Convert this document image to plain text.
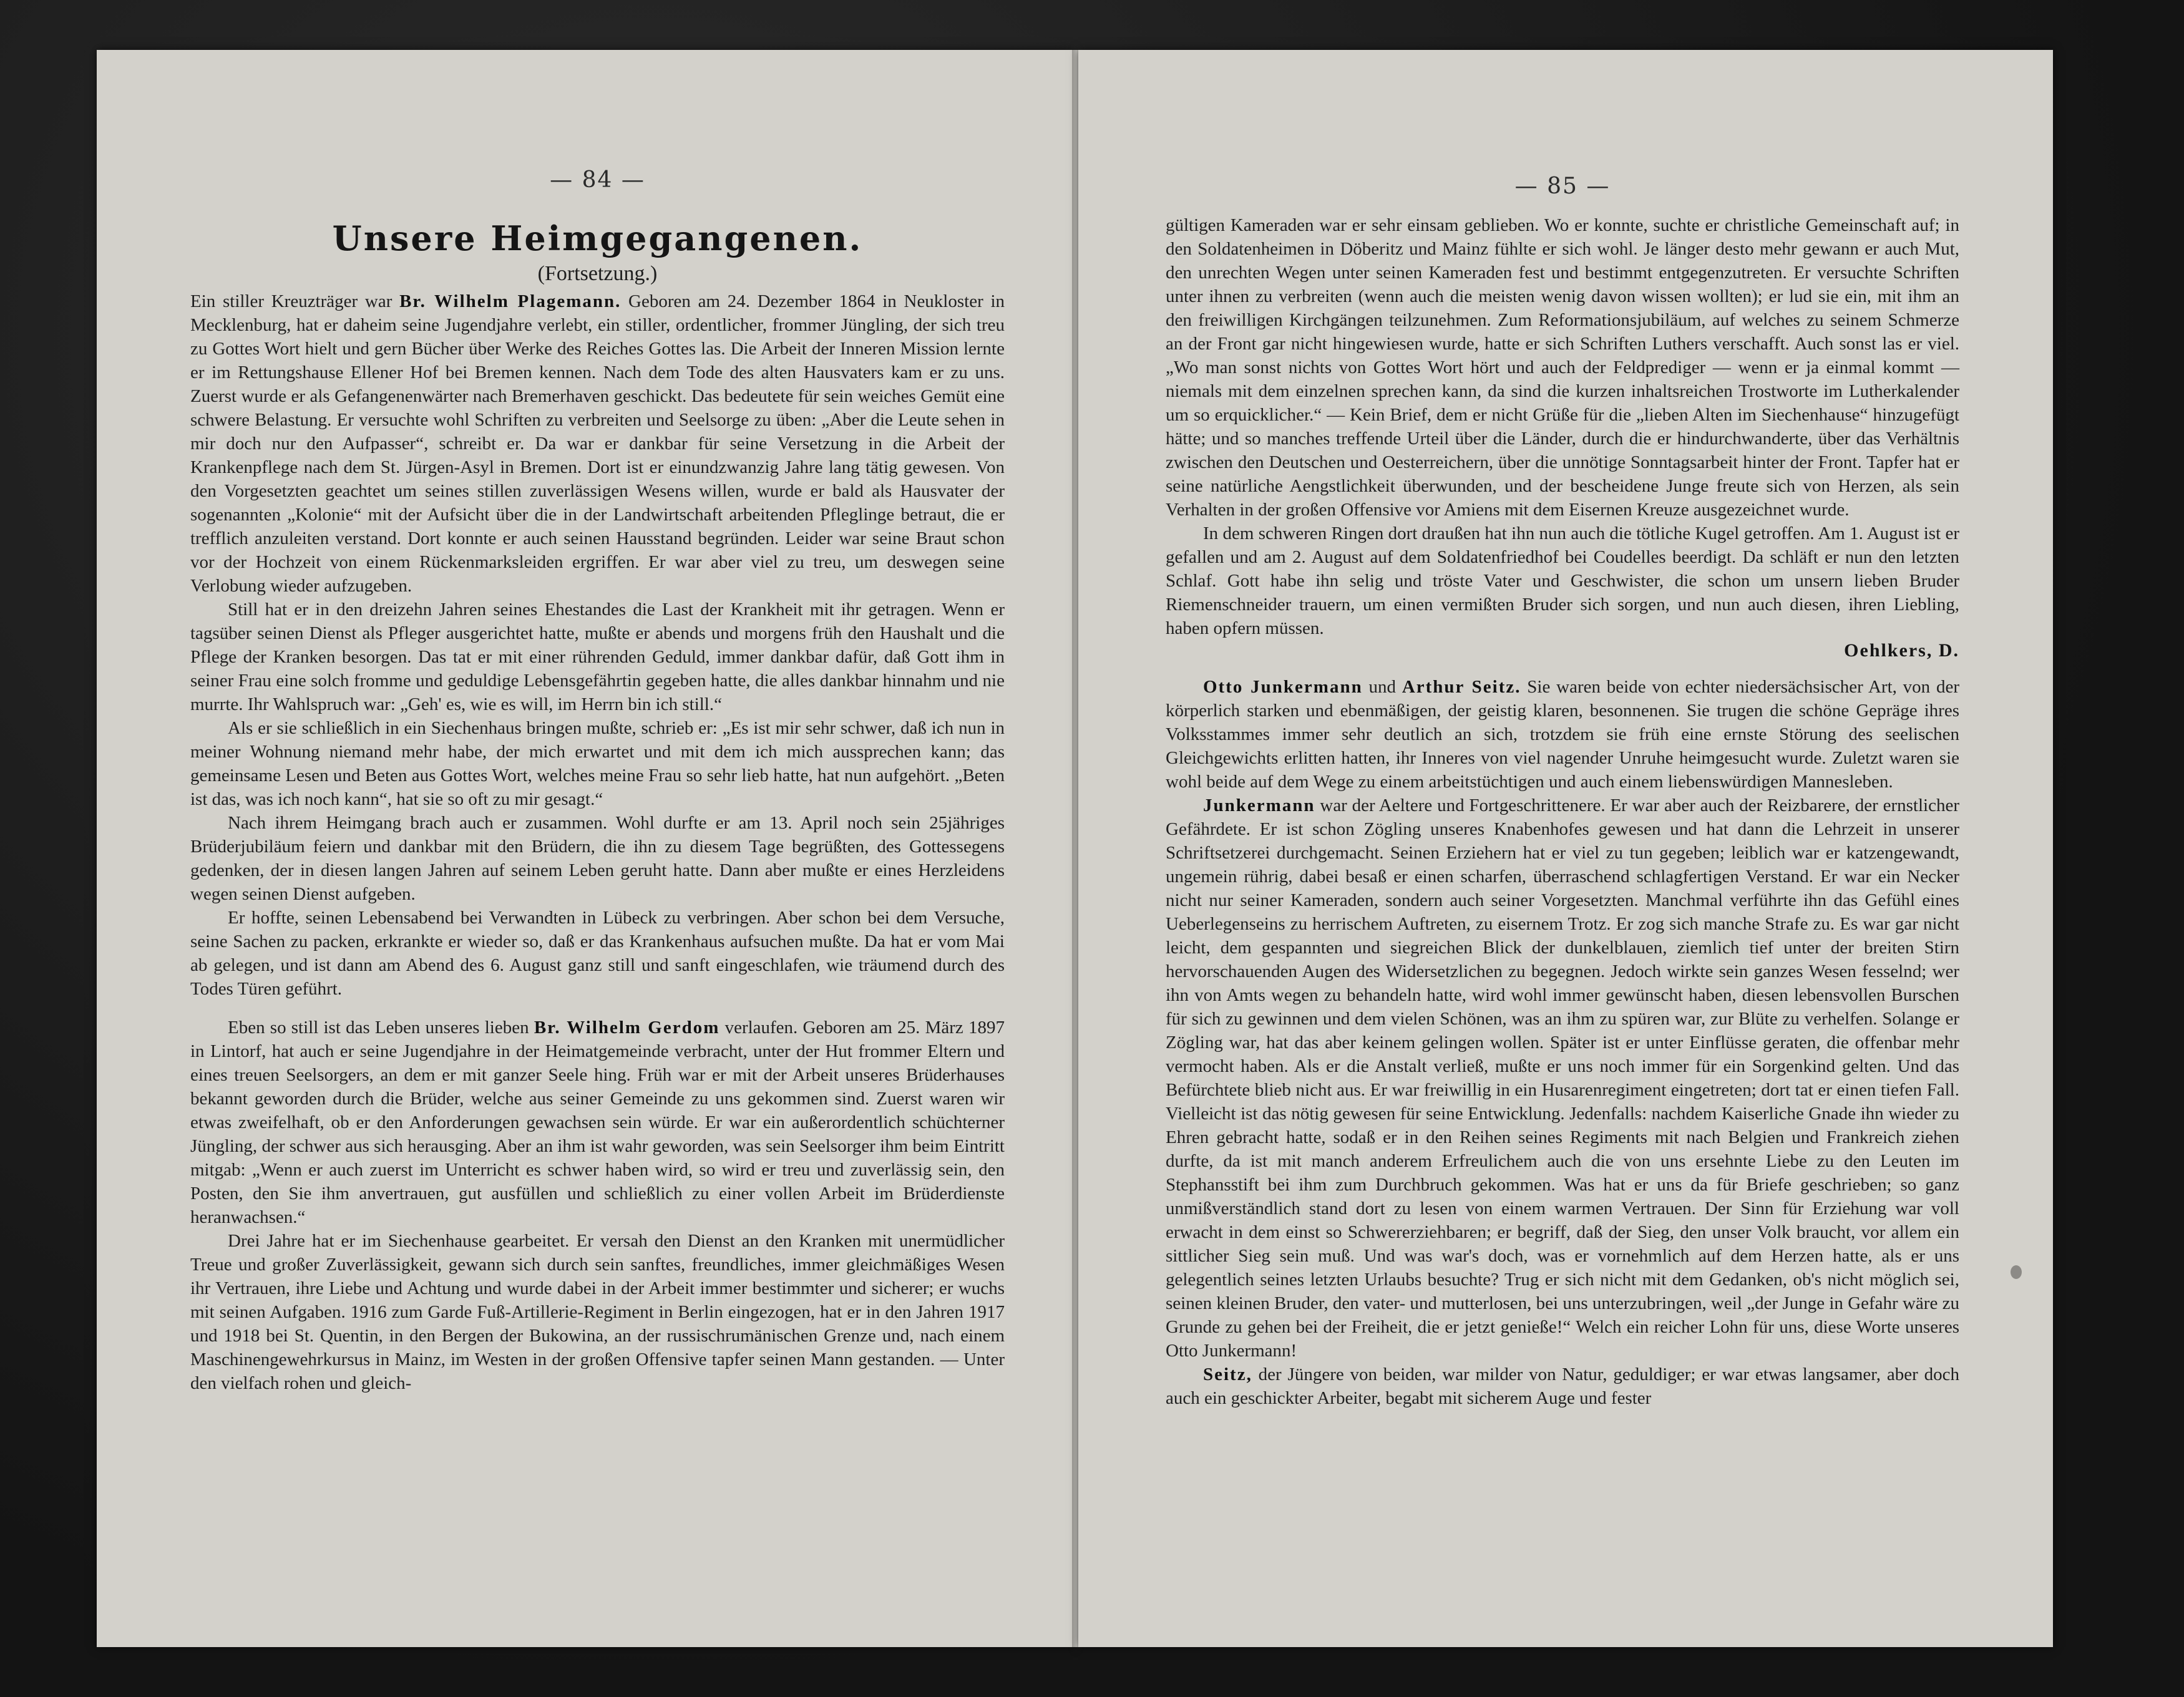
— 84 —
Unsere Heimgegangenen.
(Fortsetzung.)

Ein stiller Kreuzträger war Br. Wilhelm Plagemann. Geboren am 24. Dezember 1864 in Neukloster in Mecklenburg, hat er daheim seine Jugendjahre verlebt, ein stiller, ordentlicher, frommer Jüngling, der sich treu zu Gottes Wort hielt und gern Bücher über Werke des Reiches Gottes las. Die Arbeit der Inneren Mission lernte er im Rettungshause Ellener Hof bei Bremen kennen. Nach dem Tode des alten Hausvaters kam er zu uns. Zuerst wurde er als Gefangenenwärter nach Bremerhaven geschickt. Das bedeutete für sein weiches Gemüt eine schwere Belastung. Er versuchte wohl Schriften zu verbreiten und Seelsorge zu üben: „Aber die Leute sehen in mir doch nur den Aufpasser“, schreibt er. Da war er dankbar für seine Versetzung in die Arbeit der Krankenpflege nach dem St. Jürgen-Asyl in Bremen. Dort ist er einundzwanzig Jahre lang tätig gewesen. Von den Vorgesetzten geachtet um seines stillen zuverlässigen Wesens willen, wurde er bald als Hausvater der sogenannten „Kolonie“ mit der Aufsicht über die in der Landwirtschaft arbeitenden Pfleglinge betraut, die er trefflich anzuleiten verstand. Dort konnte er auch seinen Hausstand begründen. Leider war seine Braut schon vor der Hochzeit von einem Rückenmarksleiden ergriffen. Er war aber viel zu treu, um deswegen seine Verlobung wieder aufzugeben.

Still hat er in den dreizehn Jahren seines Ehestandes die Last der Krankheit mit ihr getragen. Wenn er tagsüber seinen Dienst als Pfleger ausgerichtet hatte, mußte er abends und morgens früh den Haushalt und die Pflege der Kranken besorgen. Das tat er mit einer rührenden Geduld, immer dankbar dafür, daß Gott ihm in seiner Frau eine solch fromme und geduldige Lebensgefährtin gegeben hatte, die alles dankbar hinnahm und nie murrte. Ihr Wahlspruch war: „Geh' es, wie es will, im Herrn bin ich still.“

Als er sie schließlich in ein Siechenhaus bringen mußte, schrieb er: „Es ist mir sehr schwer, daß ich nun in meiner Wohnung niemand mehr habe, der mich erwartet und mit dem ich mich aussprechen kann; das gemeinsame Lesen und Beten aus Gottes Wort, welches meine Frau so sehr lieb hatte, hat nun aufgehört. „Beten ist das, was ich noch kann“, hat sie so oft zu mir gesagt.“

Nach ihrem Heimgang brach auch er zusammen. Wohl durfte er am 13. April noch sein 25jähriges Brüderjubiläum feiern und dankbar mit den Brüdern, die ihn zu diesem Tage begrüßten, des Gottessegens gedenken, der in diesen langen Jahren auf seinem Leben geruht hatte. Dann aber mußte er eines Herzleidens wegen seinen Dienst aufgeben.

Er hoffte, seinen Lebensabend bei Verwandten in Lübeck zu verbringen. Aber schon bei dem Versuche, seine Sachen zu packen, erkrankte er wieder so, daß er das Krankenhaus aufsuchen mußte. Da hat er vom Mai ab gelegen, und ist dann am Abend des 6. August ganz still und sanft eingeschlafen, wie träumend durch des Todes Türen geführt.

Eben so still ist das Leben unseres lieben Br. Wilhelm Gerdom verlaufen. Geboren am 25. März 1897 in Lintorf, hat auch er seine Jugendjahre in der Heimatgemeinde verbracht, unter der Hut frommer Eltern und eines treuen Seelsorgers, an dem er mit ganzer Seele hing. Früh war er mit der Arbeit unseres Brüderhauses bekannt geworden durch die Brüder, welche aus seiner Gemeinde zu uns gekommen sind. Zuerst waren wir etwas zweifelhaft, ob er den Anforderungen gewachsen sein würde. Er war ein außerordentlich schüchterner Jüngling, der schwer aus sich herausging. Aber an ihm ist wahr geworden, was sein Seelsorger ihm beim Eintritt mitgab: „Wenn er auch zuerst im Unterricht es schwer haben wird, so wird er treu und zuverlässig sein, den Posten, den Sie ihm anvertrauen, gut ausfüllen und schließlich zu einer vollen Arbeit im Brüderdienste heranwachsen.“

Drei Jahre hat er im Siechenhause gearbeitet. Er versah den Dienst an den Kranken mit unermüdlicher Treue und großer Zuverlässigkeit, gewann sich durch sein sanftes, freundliches, immer gleichmäßiges Wesen ihr Vertrauen, ihre Liebe und Achtung und wurde dabei in der Arbeit immer bestimmter und sicherer; er wuchs mit seinen Aufgaben. 1916 zum Garde Fuß-Artillerie-Regiment in Berlin eingezogen, hat er in den Jahren 1917 und 1918 bei St. Quentin, in den Bergen der Bukowina, an der russischrumänischen Grenze und, nach einem Maschinengewehrkursus in Mainz, im Westen in der großen Offensive tapfer seinen Mann gestanden. — Unter den vielfach rohen und gleich-

— 85 —

gültigen Kameraden war er sehr einsam geblieben. Wo er konnte, suchte er christliche Gemeinschaft auf; in den Soldatenheimen in Döberitz und Mainz fühlte er sich wohl. Je länger desto mehr gewann er auch Mut, den unrechten Wegen unter seinen Kameraden fest und bestimmt entgegenzutreten. Er versuchte Schriften unter ihnen zu verbreiten (wenn auch die meisten wenig davon wissen wollten); er lud sie ein, mit ihm an den freiwilligen Kirchgängen teilzunehmen. Zum Reformationsjubiläum, auf welches zu seinem Schmerze an der Front gar nicht hingewiesen wurde, hatte er sich Schriften Luthers verschafft. Auch sonst las er viel. „Wo man sonst nichts von Gottes Wort hört und auch der Feldprediger — wenn er ja einmal kommt — niemals mit dem einzelnen sprechen kann, da sind die kurzen inhaltsreichen Trostworte im Lutherkalender um so erquicklicher.“ — Kein Brief, dem er nicht Grüße für die „lieben Alten im Siechenhause“ hinzugefügt hätte; und so manches treffende Urteil über die Länder, durch die er hindurchwanderte, über das Verhältnis zwischen den Deutschen und Oesterreichern, über die unnötige Sonntagsarbeit hinter der Front. Tapfer hat er seine natürliche Aengstlichkeit überwunden, und der bescheidene Junge freute sich von Herzen, als sein Verhalten in der großen Offensive vor Amiens mit dem Eisernen Kreuze ausgezeichnet wurde.

In dem schweren Ringen dort draußen hat ihn nun auch die tötliche Kugel getroffen. Am 1. August ist er gefallen und am 2. August auf dem Soldatenfriedhof bei Coudelles beerdigt. Da schläft er nun den letzten Schlaf. Gott habe ihn selig und tröste Vater und Geschwister, die schon um unsern lieben Bruder Riemenschneider trauern, um einen vermißten Bruder sich sorgen, und nun auch diesen, ihren Liebling, haben opfern müssen.

Oehlkers, D.

Otto Junkermann und Arthur Seitz. Sie waren beide von echter niedersächsischer Art, von der körperlich starken und ebenmäßigen, der geistig klaren, besonnenen. Sie trugen die schöne Gepräge ihres Volksstammes immer sehr deutlich an sich, trotzdem sie früh eine ernste Störung des seelischen Gleichgewichts erlitten hatten, ihr Inneres von viel nagender Unruhe heimgesucht wurde. Zuletzt waren sie wohl beide auf dem Wege zu einem arbeitstüchtigen und auch einem liebenswürdigen Mannesleben.

Junkermann war der Aeltere und Fortgeschrittenere. Er war aber auch der Reizbarere, der ernstlicher Gefährdete. Er ist schon Zögling unseres Knabenhofes gewesen und hat dann die Lehrzeit in unserer Schriftsetzerei durchgemacht. Seinen Erziehern hat er viel zu tun gegeben; leiblich war er katzengewandt, ungemein rührig, dabei besaß er einen scharfen, überraschend schlagfertigen Verstand. Er war ein Necker nicht nur seiner Kameraden, sondern auch seiner Vorgesetzten. Manchmal verführte ihn das Gefühl eines Ueberlegenseins zu herrischem Auftreten, zu eisernem Trotz. Er zog sich manche Strafe zu. Es war gar nicht leicht, dem gespannten und siegreichen Blick der dunkelblauen, ziemlich tief unter der breiten Stirn hervorschauenden Augen des Widersetzlichen zu begegnen. Jedoch wirkte sein ganzes Wesen fesselnd; wer ihn von Amts wegen zu behandeln hatte, wird wohl immer gewünscht haben, diesen lebensvollen Burschen für sich zu gewinnen und dem vielen Schönen, was an ihm zu spüren war, zur Blüte zu verhelfen. Solange er Zögling war, hat das aber keinem gelingen wollen. Später ist er unter Einflüsse geraten, die offenbar mehr vermocht haben. Als er die Anstalt verließ, mußte er uns noch immer für ein Sorgenkind gelten. Und das Befürchtete blieb nicht aus. Er war freiwillig in ein Husarenregiment eingetreten; dort tat er einen tiefen Fall. Vielleicht ist das nötig gewesen für seine Entwicklung. Jedenfalls: nachdem Kaiserliche Gnade ihn wieder zu Ehren gebracht hatte, sodaß er in den Reihen seines Regiments mit nach Belgien und Frankreich ziehen durfte, da ist mit manch anderem Erfreulichem auch die von uns ersehnte Liebe zu den Leuten im Stephansstift bei ihm zum Durchbruch gekommen. Was hat er uns da für Briefe geschrieben; so ganz unmißverständlich stand dort zu lesen von einem warmen Vertrauen. Der Sinn für Erziehung war voll erwacht in dem einst so Schwererziehbaren; er begriff, daß der Sieg, den unser Volk braucht, vor allem ein sittlicher Sieg sein muß. Und was war's doch, was er vornehmlich auf dem Herzen hatte, als er uns gelegentlich seines letzten Urlaubs besuchte? Trug er sich nicht mit dem Gedanken, ob's nicht möglich sei, seinen kleinen Bruder, den vater- und mutterlosen, bei uns unterzubringen, weil „der Junge in Gefahr wäre zu Grunde zu gehen bei der Freiheit, die er jetzt genieße!“ Welch ein reicher Lohn für uns, diese Worte unseres Otto Junkermann!

Seitz, der Jüngere von beiden, war milder von Natur, geduldiger; er war etwas langsamer, aber doch auch ein geschickter Arbeiter, begabt mit sicherem Auge und fester
